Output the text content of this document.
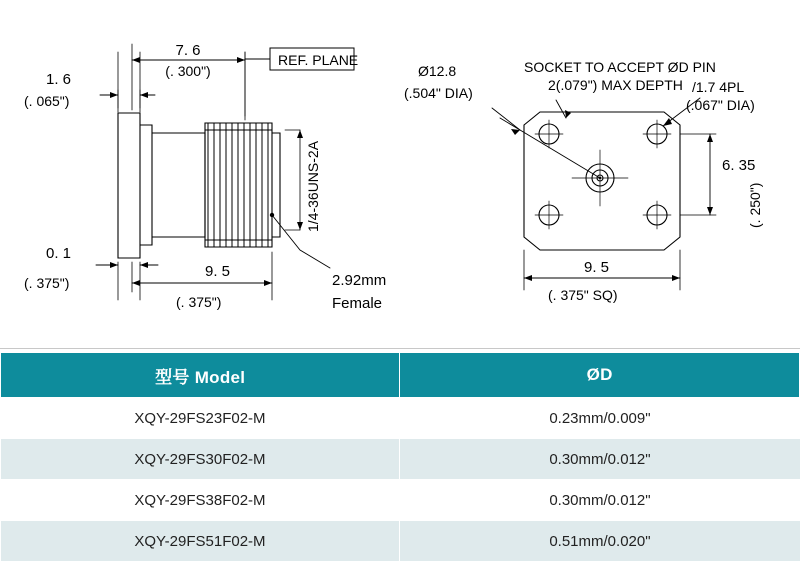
7. 6
(. 300")
1. 6
(. 065")
0. 1
(. 375")
9. 5
(. 375")
REF. PLANE
1/4-36UNS-2A
2.92mm
Female
Ø12.8
(.504" DIA)
SOCKET TO ACCEPT ØD PIN
2(.079") MAX DEPTH /1.7 4PL
(.067" DIA)
6. 35
(. 250")
9. 5
(. 375" SQ)
型号 Model	ØD
XQY-29FS23F02-M	0.23mm/0.009"
XQY-29FS30F02-M	0.30mm/0.012"
XQY-29FS38F02-M	0.30mm/0.012"
XQY-29FS51F02-M	0.51mm/0.020"
